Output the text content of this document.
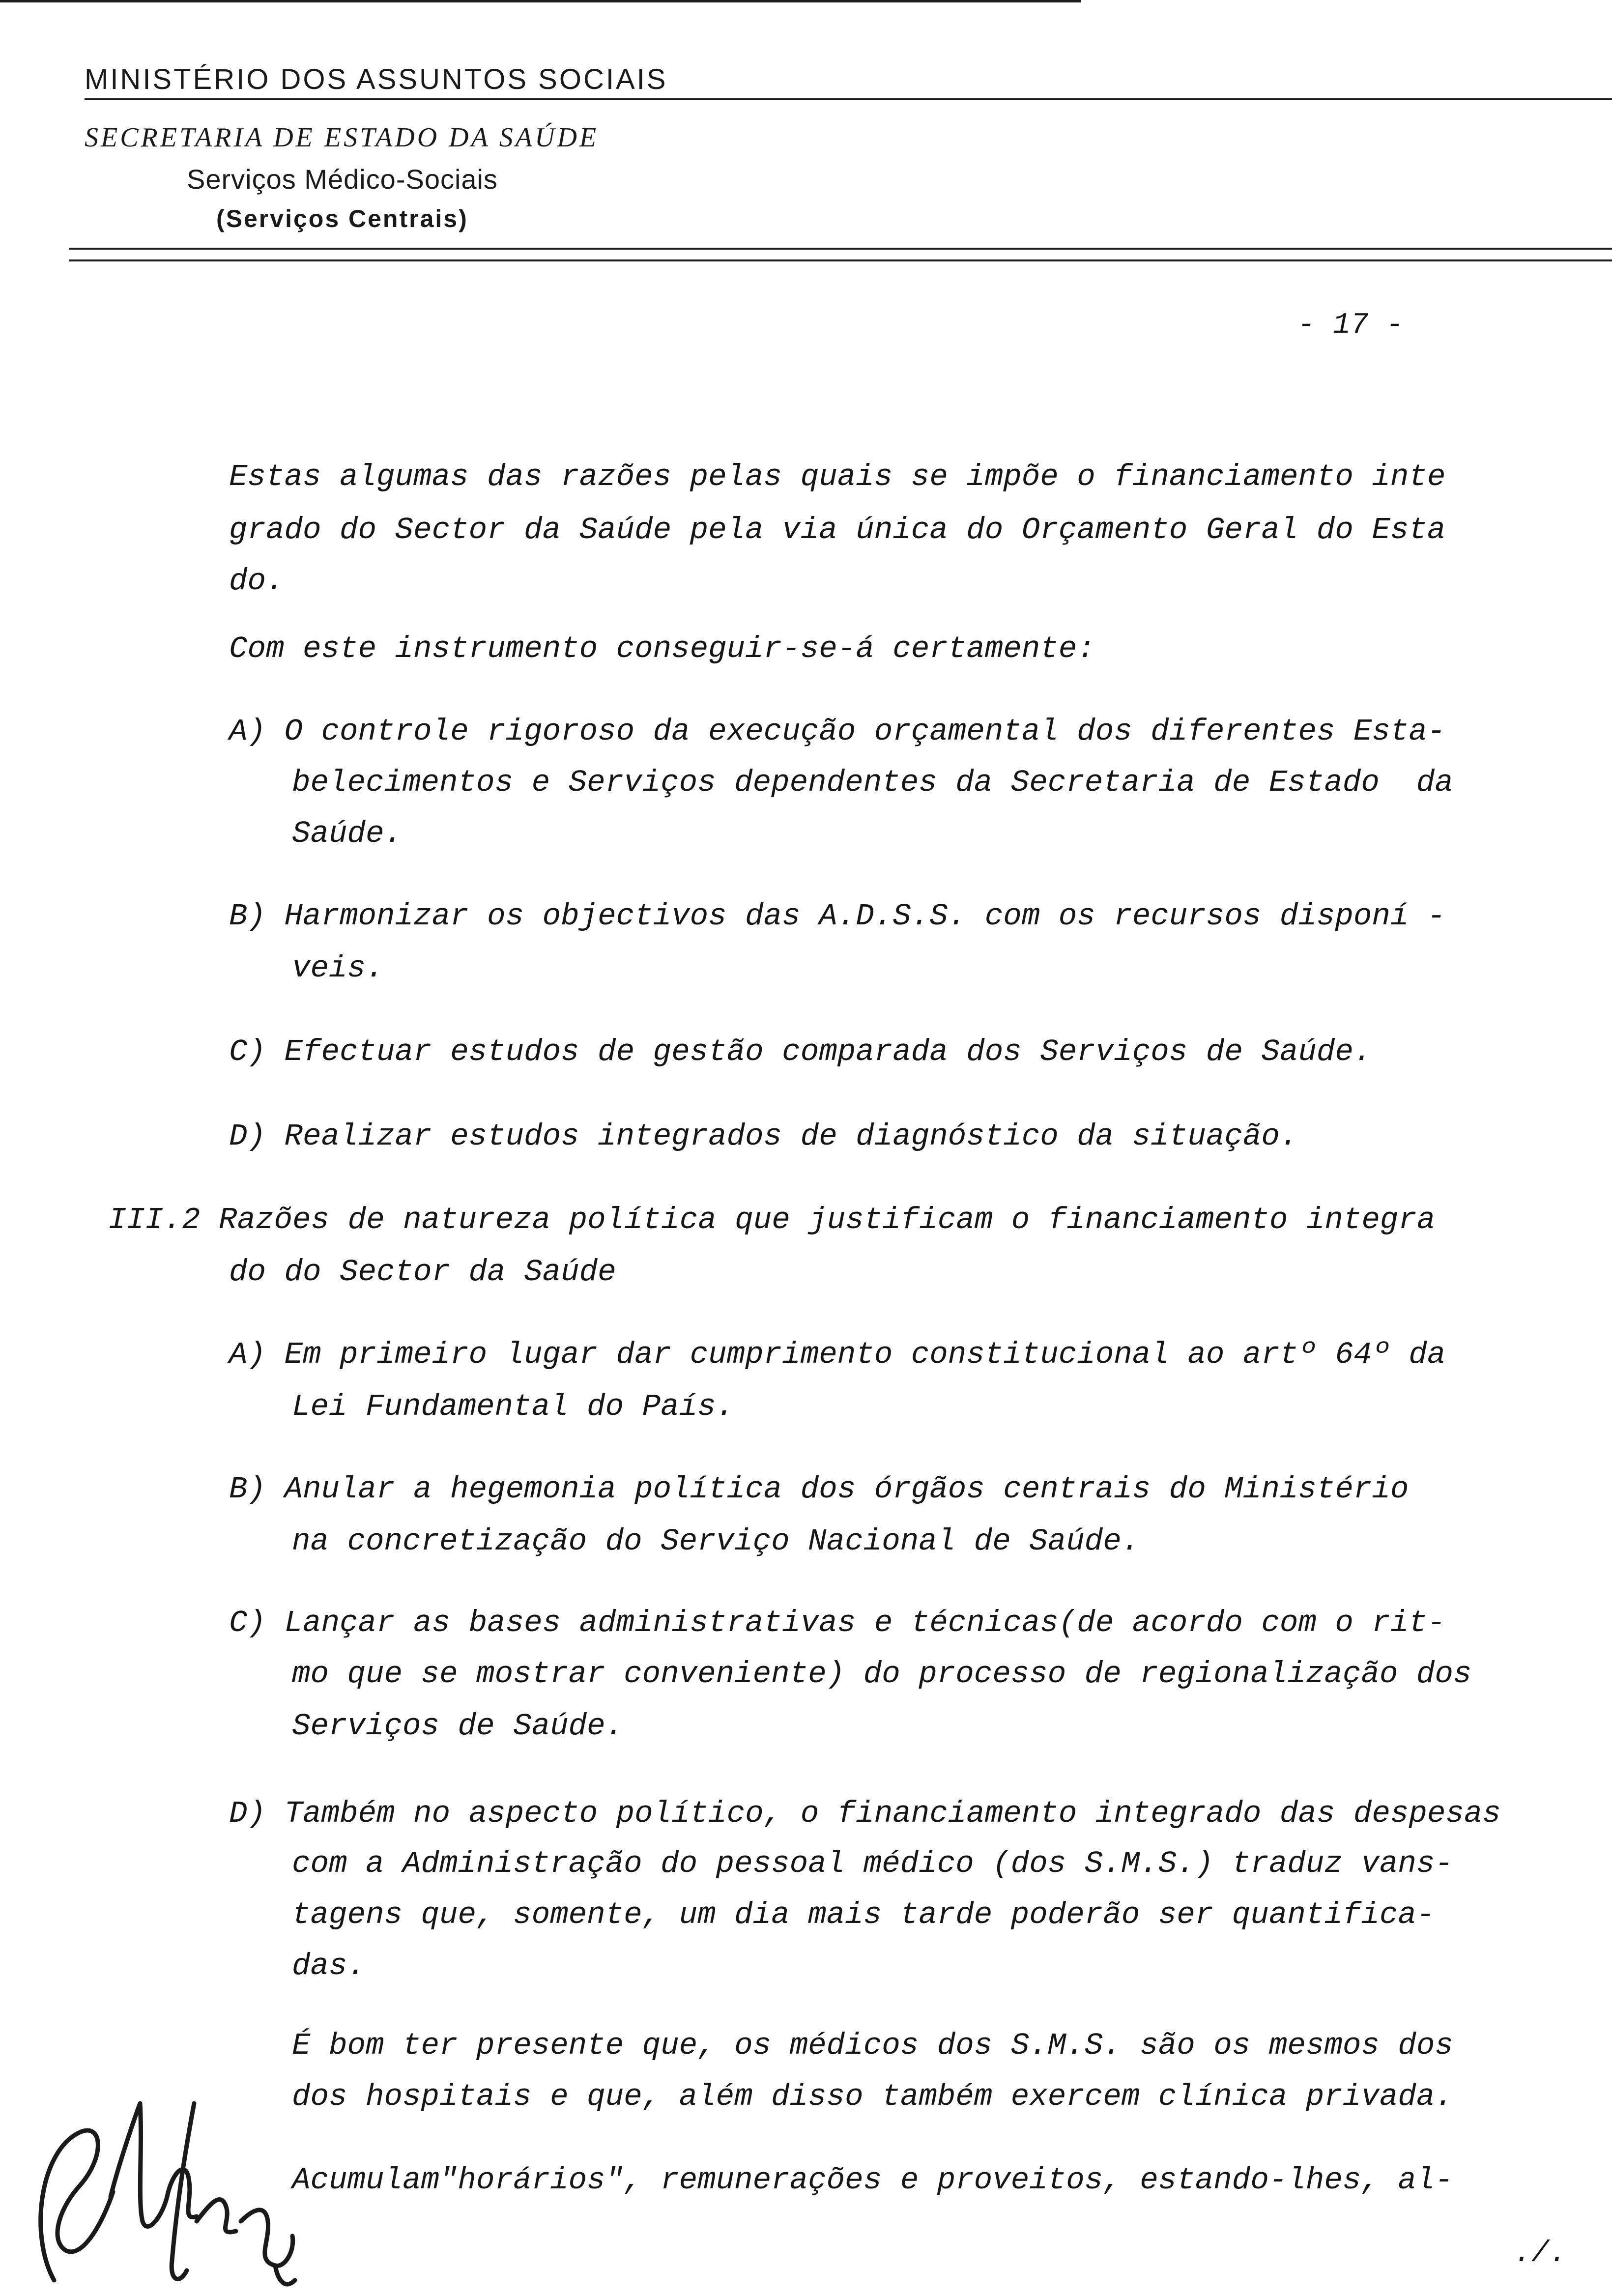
MINISTÉRIO DOS ASSUNTOS SOCIAIS
SECRETARIA DE ESTADO DA SAÚDE
Serviços Médico-Sociais
(Serviços Centrais)
- 17 -
Estas algumas das razões pelas quais se impõe o financiamento inte
grado do Sector da Saúde pela via única do Orçamento Geral do Esta
do.
Com este instrumento conseguir-se-á certamente:
A) O controle rigoroso da execução orçamental dos diferentes Esta-
belecimentos e Serviços dependentes da Secretaria de Estado  da
Saúde.
B) Harmonizar os objectivos das A.D.S.S. com os recursos disponí -
veis.
C) Efectuar estudos de gestão comparada dos Serviços de Saúde.
D) Realizar estudos integrados de diagnóstico da situação.
III.2 Razões de natureza política que justificam o financiamento integra
do do Sector da Saúde
A) Em primeiro lugar dar cumprimento constitucional ao artº 64º da
Lei Fundamental do País.
B) Anular a hegemonia política dos órgãos centrais do Ministério
na concretização do Serviço Nacional de Saúde.
C) Lançar as bases administrativas e técnicas(de acordo com o rit-
mo que se mostrar conveniente) do processo de regionalização dos
Serviços de Saúde.
D) Também no aspecto político, o financiamento integrado das despesas
com a Administração do pessoal médico (dos S.M.S.) traduz vans-
tagens que, somente, um dia mais tarde poderão ser quantifica-
das.
É bom ter presente que, os médicos dos S.M.S. são os mesmos dos
dos hospitais e que, além disso também exercem clínica privada.
Acumulam"horários", remunerações e proveitos, estando-lhes, al-
./.
